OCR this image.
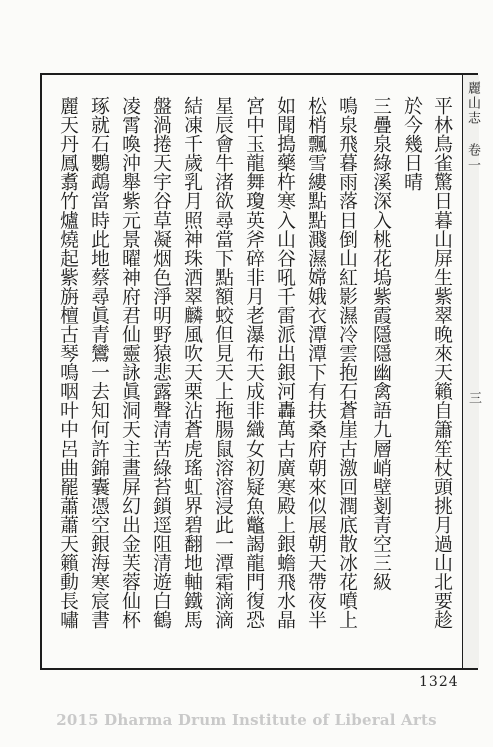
麗山志 卷一
三
平林鳥雀驚日暮山屏生紫翠晚來天籟自簫笙杖頭挑月過山北要趁
於今幾日晴
三疊泉綠溪深入桃花塢紫霞隱隱幽禽語九層峭壁剗青空三級
鳴泉飛暮雨落日倒山紅影濕冷雲抱石蒼崖古激回潤底散冰花噴上
松梢飄雪縷點點濺濕嫦娥衣潭潭下有扶桑府朝來似展朝天帶夜半
如聞搗藥杵寒入山谷吼千雷派出銀河轟萬古廣寒殿上銀蟾飛水晶
宮中玉龍舞瓊英斧碎非月老瀑布天成非織女初疑魚鼈謁龍門復恐
星辰會牛渚欲尋當下點額蛟但見天上拖腸鼠溶溶浸此一潭霜滴滴
結凍千歲乳月照神珠洒翠麟風吹天栗沾蒼虎瑤虹界碧翻地軸鐵馬
盤渦捲天宇谷草凝烟色淨明野猿悲露聲清苦綠苔鎖逕阻清遊白鶴
凌霄喚沖舉紫元景曜神府君仙靈詠眞洞天主畫屏幻出金芙蓉仙杯
琢就石鸚鵡當時此地蔡尋眞青鸞一去知何許錦囊憑空銀海寒宸書
麗天丹鳳翥竹爐燒起紫旃檀古琴鳴咽叶中呂曲罷蕭蕭天籟動長嘯
1324
2015 Dharma Drum Institute of Liberal Arts
